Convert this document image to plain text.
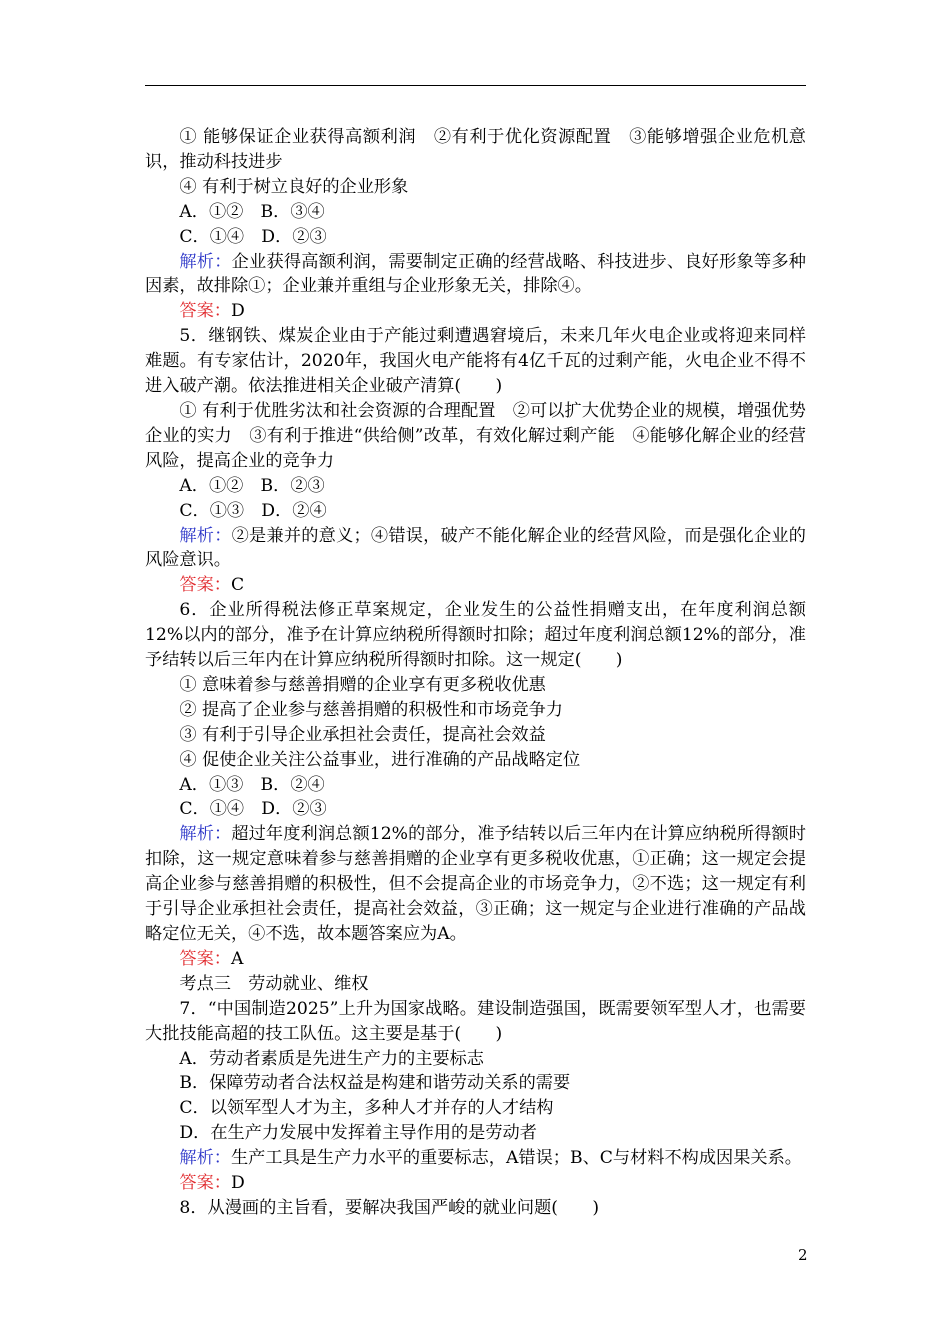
① 能够保证企业获得高额利润　②有利于优化资源配置　③能够增强企业危机意识，推动科技进步

④ 有利于树立良好的企业形象

A．①②　B．③④

C．①④　D．②③

解析：企业获得高额利润，需要制定正确的经营战略、科技进步、良好形象等多种因素，故排除①；企业兼并重组与企业形象无关，排除④。

答案：D

5．继钢铁、煤炭企业由于产能过剩遭遇窘境后，未来几年火电企业或将迎来同样难题。有专家估计，2020年，我国火电产能将有4亿千瓦的过剩产能，火电企业不得不进入破产潮。依法推进相关企业破产清算(　　)

① 有利于优胜劣汰和社会资源的合理配置　②可以扩大优势企业的规模，增强优势企业的实力　③有利于推进“供给侧”改革，有效化解过剩产能　④能够化解企业的经营风险，提高企业的竞争力

A．①②　B．②③

C．①③　D．②④

解析：②是兼并的意义；④错误，破产不能化解企业的经营风险，而是强化企业的风险意识。

答案：C

6．企业所得税法修正草案规定，企业发生的公益性捐赠支出，在年度利润总额12%以内的部分，准予在计算应纳税所得额时扣除；超过年度利润总额12%的部分，准予结转以后三年内在计算应纳税所得额时扣除。这一规定(　　)

① 意味着参与慈善捐赠的企业享有更多税收优惠

② 提高了企业参与慈善捐赠的积极性和市场竞争力

③ 有利于引导企业承担社会责任，提高社会效益

④ 促使企业关注公益事业，进行准确的产品战略定位

A．①③　B．②④

C．①④　D．②③

解析：超过年度利润总额12%的部分，准予结转以后三年内在计算应纳税所得额时扣除，这一规定意味着参与慈善捐赠的企业享有更多税收优惠，①正确；这一规定会提高企业参与慈善捐赠的积极性，但不会提高企业的市场竞争力，②不选；这一规定有利于引导企业承担社会责任，提高社会效益，③正确；这一规定与企业进行准确的产品战略定位无关，④不选，故本题答案应为A。

答案：A

考点三　劳动就业、维权

7．“中国制造2025”上升为国家战略。建设制造强国，既需要领军型人才，也需要大批技能高超的技工队伍。这主要是基于(　　)

A．劳动者素质是先进生产力的主要标志

B．保障劳动者合法权益是构建和谐劳动关系的需要

C．以领军型人才为主，多种人才并存的人才结构

D．在生产力发展中发挥着主导作用的是劳动者

解析：生产工具是生产力水平的重要标志，A错误；B、C与材料不构成因果关系。

答案：D

8．从漫画的主旨看，要解决我国严峻的就业问题(　　)

2
